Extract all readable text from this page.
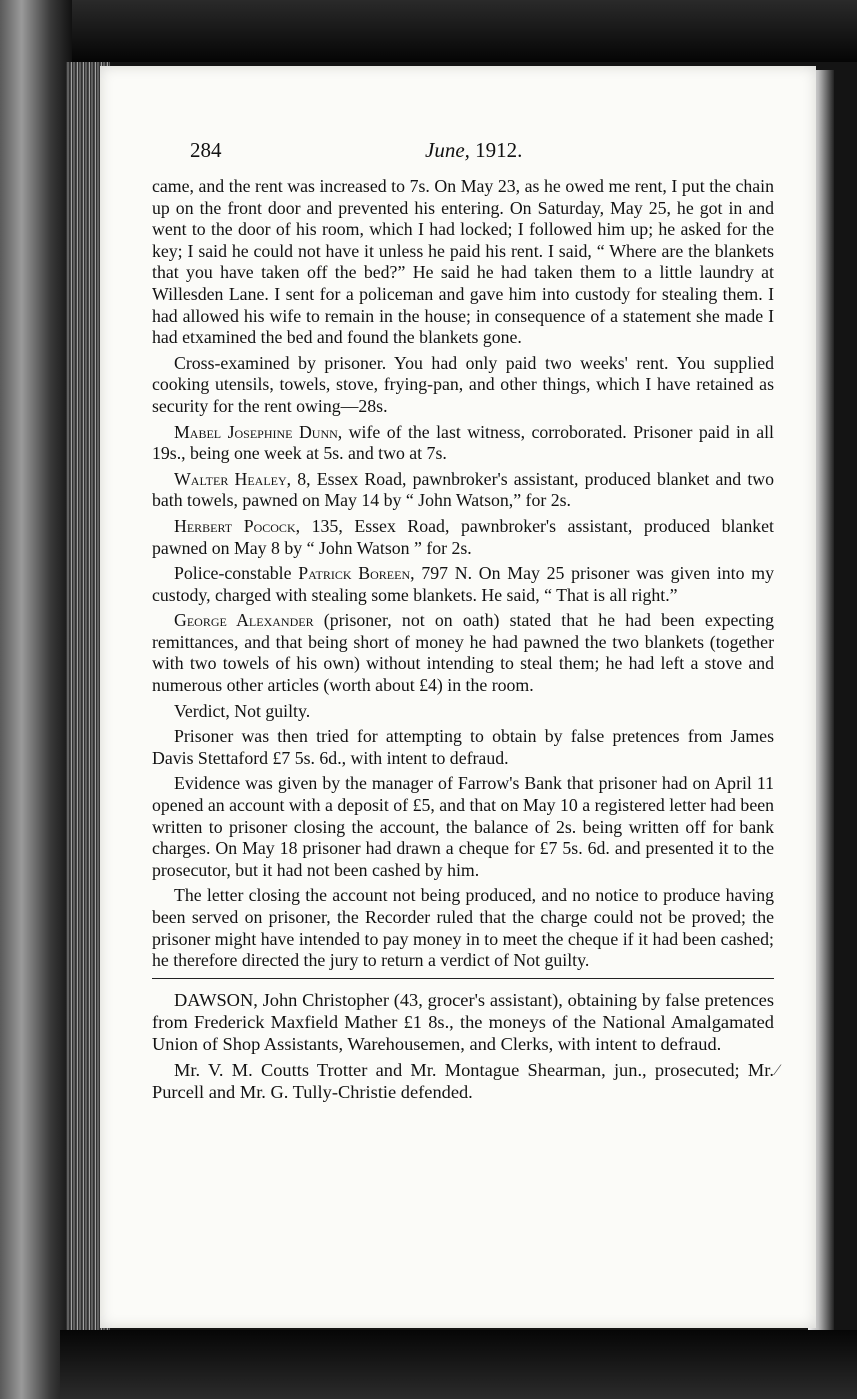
284	June, 1912.

came, and the rent was increased to 7s. On May 23, as he owed me rent, I put the chain up on the front door and prevented his entering. On Saturday, May 25, he got in and went to the door of his room, which I had locked; I followed him up; he asked for the key; I said he could not have it unless he paid his rent. I said, “ Where are the blankets that you have taken off the bed?” He said he had taken them to a little laundry at Willesden Lane. I sent for a policeman and gave him into custody for stealing them. I had allowed his wife to remain in the house; in consequence of a statement she made I had etxamined the bed and found the blankets gone.

Cross-examined by prisoner. You had only paid two weeks' rent. You supplied cooking utensils, towels, stove, frying-pan, and other things, which I have retained as security for the rent owing—28s.

Mabel Josephine Dunn, wife of the last witness, corroborated. Prisoner paid in all 19s., being one week at 5s. and two at 7s.

Walter Healey, 8, Essex Road, pawnbroker's assistant, produced blanket and two bath towels, pawned on May 14 by “ John Watson,” for 2s.

Herbert Pocock, 135, Essex Road, pawnbroker's assistant, produced blanket pawned on May 8 by “ John Watson ” for 2s.

Police-constable Patrick Boreen, 797 N. On May 25 prisoner was given into my custody, charged with stealing some blankets. He said, “ That is all right.”

George Alexander (prisoner, not on oath) stated that he had been expecting remittances, and that being short of money he had pawned the two blankets (together with two towels of his own) without intending to steal them; he had left a stove and numerous other articles (worth about £4) in the room.

Verdict, Not guilty.

Prisoner was then tried for attempting to obtain by false pretences from James Davis Stettaford £7 5s. 6d., with intent to defraud.

Evidence was given by the manager of Farrow's Bank that prisoner had on April 11 opened an account with a deposit of £5, and that on May 10 a registered letter had been written to prisoner closing the account, the balance of 2s. being written off for bank charges. On May 18 prisoner had drawn a cheque for £7 5s. 6d. and presented it to the prosecutor, but it had not been cashed by him.

The letter closing the account not being produced, and no notice to produce having been served on prisoner, the Recorder ruled that the charge could not be proved; the prisoner might have intended to pay money in to meet the cheque if it had been cashed; he therefore directed the jury to return a verdict of Not guilty.

DAWSON, John Christopher (43, grocer's assistant), obtaining by false pretences from Frederick Maxfield Mather £1 8s., the moneys of the National Amalgamated Union of Shop Assistants, Warehousemen, and Clerks, with intent to defraud.

Mr. V. M. Coutts Trotter and Mr. Montague Shearman, jun., prosecuted; Mr. Purcell and Mr. G. Tully-Christie defended.

⁄
